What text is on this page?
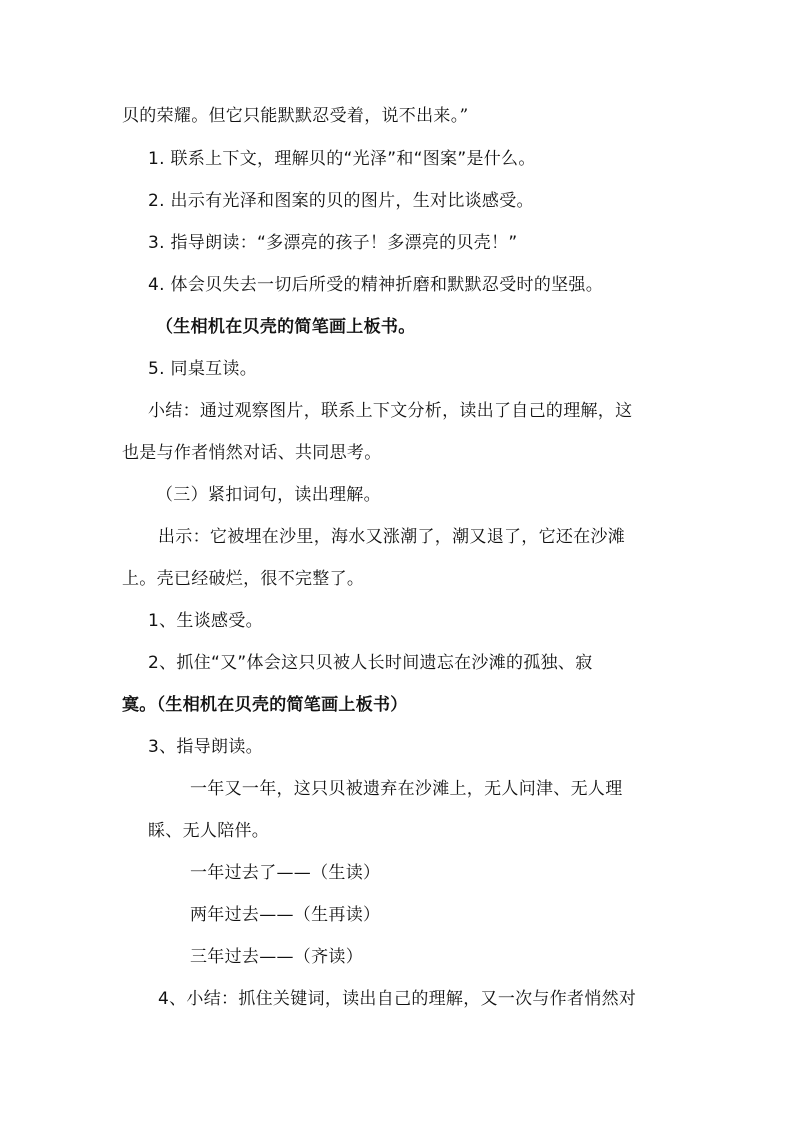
贝的荣耀。但它只能默默忍受着，说不出来。”
1. 联系上下文，理解贝的“光泽”和“图案”是什么。
2. 出示有光泽和图案的贝的图片，生对比谈感受。
3. 指导朗读：“多漂亮的孩子！多漂亮的贝壳！”
4. 体会贝失去一切后所受的精神折磨和默默忍受时的坚强。
（生相机在贝壳的简笔画上板书。
5. 同桌互读。
小结：通过观察图片，联系上下文分析，读出了自己的理解，这
也是与作者悄然对话、共同思考。
（三）紧扣词句，读出理解。
出示：它被埋在沙里，海水又涨潮了，潮又退了，它还在沙滩
上。壳已经破烂，很不完整了。
1、生谈感受。
2、抓住“又”体会这只贝被人长时间遗忘在沙滩的孤独、寂
寞。（生相机在贝壳的简笔画上板书）
3、指导朗读。
一年又一年，这只贝被遗弃在沙滩上，无人问津、无人理
睬、无人陪伴。
一年过去了——（生读）
两年过去——（生再读）
三年过去——（齐读）
4、小结：抓住关键词，读出自己的理解，又一次与作者悄然对
